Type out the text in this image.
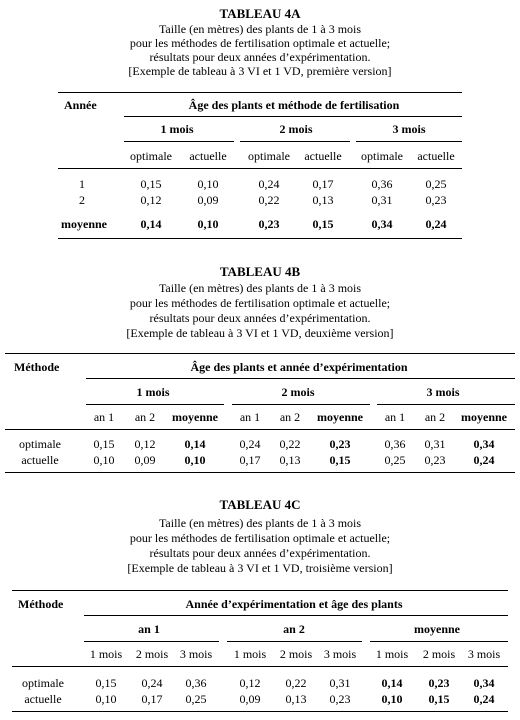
TABLEAU 4A
Taille (en mètres) des plants de 1 à 3 mois
pour les méthodes de fertilisation optimale et actuelle;
résultats pour deux années d’expérimentation.
[Exemple de tableau à 3 VI et 1 VD, première version]
Année	Âge des plants et méthode de fertilisation
1 mois	2 mois	3 mois
optimale actuelle optimale actuelle optimale actuelle
1	0,15	0,10	0,24	0,17	0,36	0,25
2	0,12	0,09	0,22	0,13	0,31	0,23
moyenne	0,14	0,10	0,23	0,15	0,34	0,24
TABLEAU 4B
Taille (en mètres) des plants de 1 à 3 mois
pour les méthodes de fertilisation optimale et actuelle;
résultats pour deux années d’expérimentation.
[Exemple de tableau à 3 VI et 1 VD, deuxième version]
Méthode	Âge des plants et année d’expérimentation
1 mois	2 mois	3 mois
an 1 an 2 moyenne an 1 an 2 moyenne an 1 an 2 moyenne
optimale	0,15 0,12 0,14	0,24 0,22 0,23	0,36 0,31 0,34
actuelle	0,10 0,09 0,10	0,17 0,13 0,15	0,25 0,23 0,24
TABLEAU 4C
Taille (en mètres) des plants de 1 à 3 mois
pour les méthodes de fertilisation optimale et actuelle;
résultats pour deux années d’expérimentation.
[Exemple de tableau à 3 VI et 1 VD, troisième version]
Méthode	Année d’expérimentation et âge des plants
an 1	an 2	moyenne
1 mois 2 mois 3 mois 1 mois 2 mois 3 mois 1 mois 2 mois 3 mois
optimale	0,15 0,24 0,36	0,12 0,22 0,31	0,14 0,23 0,34
actuelle	0,10 0,17 0,25	0,09 0,13 0,23	0,10 0,15 0,24
